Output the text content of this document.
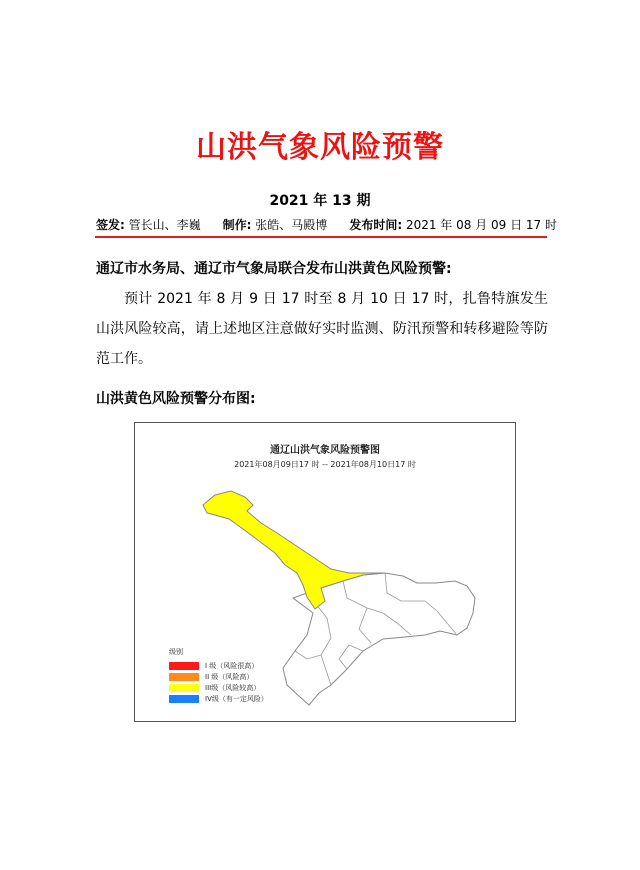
山洪气象风险预警
2021 年 13 期
签发: 管长山、李巍 制作: 张皓、马殿博 发布时间: 2021 年 08 月 09 日 17 时
通辽市水务局、通辽市气象局联合发布山洪黄色风险预警:
预计 2021 年 8 月 9 日 17 时至 8 月 10 日 17 时，扎鲁特旗发生山洪风险较高，请上述地区注意做好实时监测、防汛预警和转移避险等防范工作。
山洪黄色风险预警分布图:
通辽山洪气象风险预警图
2021年08月09日17 时 -- 2021年08月10日17 时
级别
I 级（风险很高）
II 级（风险高）
III级（风险较高）
IV级（有一定风险）
